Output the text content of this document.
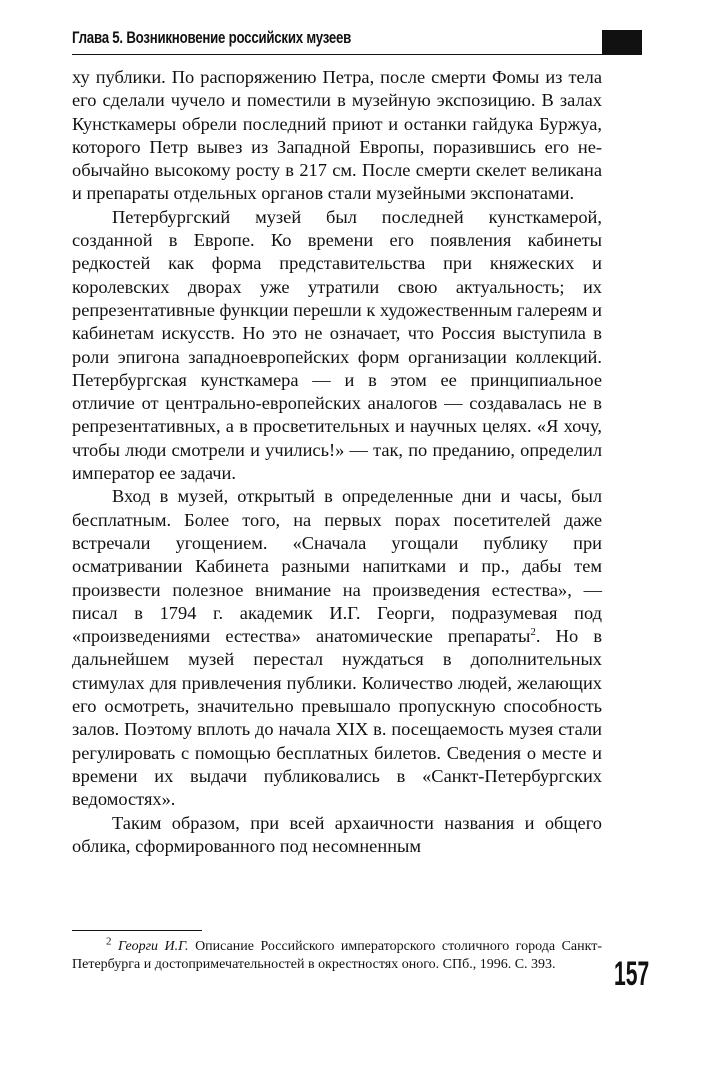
Глава 5. Возникновение российских музеев

ху публики. По распоряжению Петра, после смерти Фомы из тела его сделали чучело и поместили в музейную экспозицию. В залах Кунсткамеры обрели последний приют и останки гайдука Буржуа, которого Петр вывез из Западной Европы, поразившись его необычайно высокому росту в 217 см. После смерти скелет великана и препараты отдельных органов стали музейными экспонатами.

Петербургский музей был последней кунсткамерой, созданной в Европе. Ко времени его появления кабинеты редкостей как форма представительства при княжеских и королевских дворах уже утратили свою актуальность; их репрезентативные функции перешли к художественным галереям и кабинетам искусств. Но это не означает, что Россия выступила в роли эпигона западноевропейских форм организации коллекций. Петербургская кунсткамера — и в этом ее принципиальное отличие от центрально-европейских аналогов — создавалась не в репрезентативных, а в просветительных и научных целях. «Я хочу, чтобы люди смотрели и учились!» — так, по преданию, определил император ее задачи.

Вход в музей, открытый в определенные дни и часы, был бесплатным. Более того, на первых порах посетителей даже встречали угощением. «Сначала угощали публику при осматривании Кабинета разными напитками и пр., дабы тем произвести полезное внимание на произведения естества», — писал в 1794 г. академик И.Г. Георги, подразумевая под «произведениями естества» анатомические препараты$^2$. Но в дальнейшем музей перестал нуждаться в дополнительных стимулах для привлечения публики. Количество людей, желающих его осмотреть, значительно превышало пропускную способность залов. Поэтому вплоть до начала XIX в. посещаемость музея стали регулировать с помощью бесплатных билетов. Сведения о месте и времени их выдачи публиковались в «Санкт-Петербургских ведомостях».

Таким образом, при всей архаичности названия и общего облика, сформированного под несомненным

$^2$ Георги И.Г. Описание Российского императорского столичного города Санкт-Петербурга и достопримечательностей в окрестностях оного. СПб., 1996. С. 393.	157
